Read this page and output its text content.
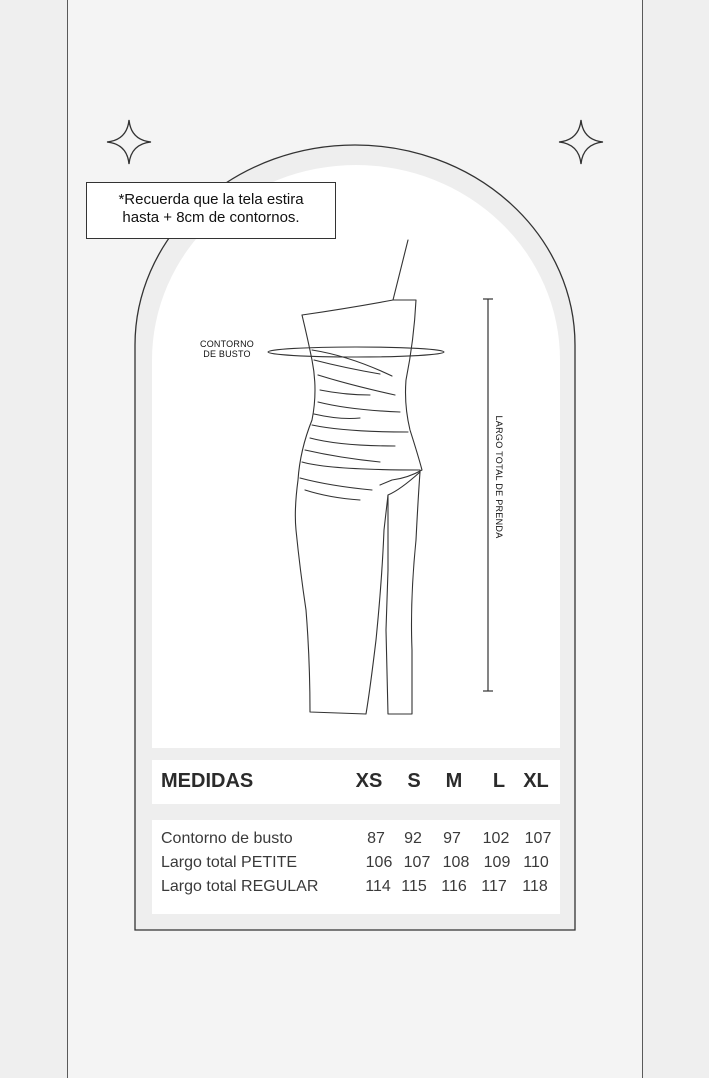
CONTORNO
DE BUSTO
LARGO TOTAL DE PRENDA
*Recuerda que la tela estira
hasta + 8cm de contornos.
MEDIDAS	XS	S	M	L XL
Contorno de busto	87	92	97	102 107
Largo total PETITE	106 107 108 109 110
Largo total REGULAR	114 115 116 117 118
